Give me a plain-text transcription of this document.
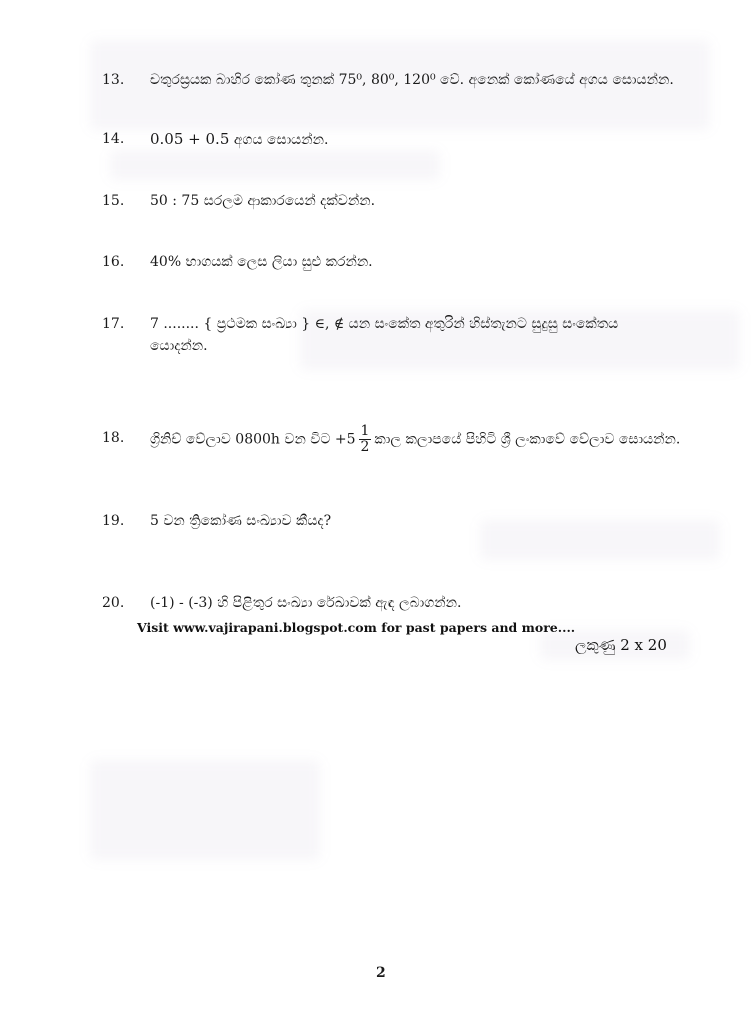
13.	චතුරස්‍රයක බාහිර කෝණ තුනක් 75⁰, 80⁰, 120⁰ වේ. අනෙක් කෝණයේ අගය සොයන්න.
14.	0.05 + 0.5 අගය සොයන්න.
15.	50 : 75 සරලම ආකාරයෙන් දක්වන්න.
16.	40% භාගයක් ලෙස ලියා සුළු කරන්න.
17.	7 ........ { ප්‍රථමක සංඛ්‍යා } ∈, ∉ යන සංකේත අතුරින් හිස්තැනට සුදුසු සංකේතය
යොදන්න.
18.	ග්‍රිනිච් වේලාව 0800h වන විට $+5 \frac{1}{2}$ කාල කලාපයේ පිහිටි ශ්‍රී ලංකාවේ වේලාව සොයන්න.
19.	5 වන ත්‍රිකෝණ සංඛ්‍යාව කීයද?
20.	(-1) - (-3) හි පිළිතුර සංඛ්‍යා රේඛාවක් ඇඳ ලබාගන්න.
Visit www.vajirapani.blogspot.com for past papers and more....
ලකුණු 2 x 20
2
